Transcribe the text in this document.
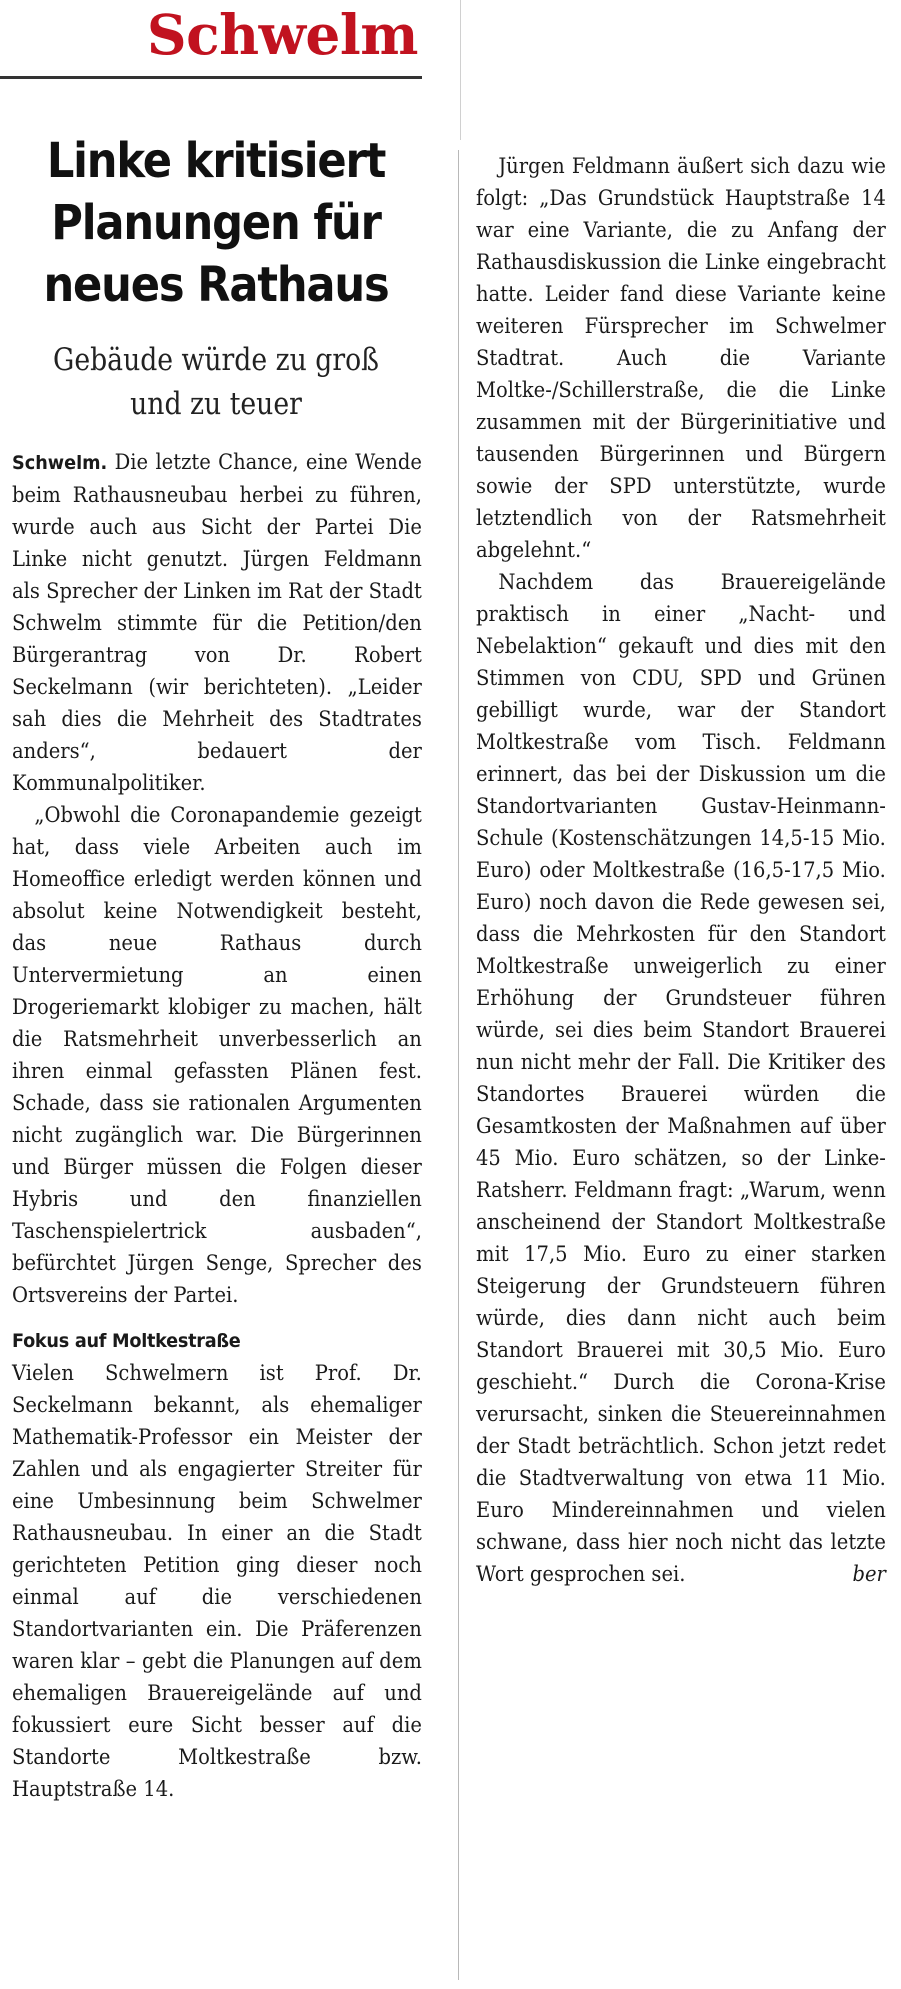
Schwelm
Linke kritisiert Planungen für neues Rathaus
Gebäude würde zu groß und zu teuer

Schwelm. Die letzte Chance, eine Wende beim Rathausneubau herbei zu führen, wurde auch aus Sicht der Partei Die Linke nicht genutzt. Jürgen Feldmann als Sprecher der Linken im Rat der Stadt Schwelm stimmte für die Petition/den Bürgerantrag von Dr. Robert Seckelmann (wir berichteten). „Leider sah dies die Mehrheit des Stadtrates anders“, bedauert der Kommunalpolitiker.

„Obwohl die Coronapandemie gezeigt hat, dass viele Arbeiten auch im Homeoffice erledigt werden können und absolut keine Notwendigkeit besteht, das neue Rathaus durch Untervermietung an einen Drogeriemarkt klobiger zu machen, hält die Ratsmehrheit unverbesserlich an ihren einmal gefassten Plänen fest. Schade, dass sie rationalen Argumenten nicht zugänglich war. Die Bürgerinnen und Bürger müssen die Folgen dieser Hybris und den finanziellen Taschenspielertrick ausbaden“, befürchtet Jürgen Senge, Sprecher des Ortsvereins der Partei.

Fokus auf Moltkestraße

Vielen Schwelmern ist Prof. Dr. Seckelmann bekannt, als ehemaliger Mathematik-Professor ein Meister der Zahlen und als engagierter Streiter für eine Umbesinnung beim Schwelmer Rathausneubau. In einer an die Stadt gerichteten Petition ging dieser noch einmal auf die verschiedenen Standortvarianten ein. Die Präferenzen waren klar – gebt die Planungen auf dem ehemaligen Brauereigelände auf und fokussiert eure Sicht besser auf die Standorte Moltkestraße bzw. Hauptstraße 14.

Jürgen Feldmann äußert sich dazu wie folgt: „Das Grundstück Hauptstraße 14 war eine Variante, die zu Anfang der Rathausdiskussion die Linke eingebracht hatte. Leider fand diese Variante keine weiteren Fürsprecher im Schwelmer Stadtrat. Auch die Variante Moltke-/Schillerstraße, die die Linke zusammen mit der Bürgerinitiative und tausenden Bürgerinnen und Bürgern sowie der SPD unterstützte, wurde letztendlich von der Ratsmehrheit abgelehnt.“

Nachdem das Brauereigelände praktisch in einer „Nacht- und Nebelaktion“ gekauft und dies mit den Stimmen von CDU, SPD und Grünen gebilligt wurde, war der Standort Moltkestraße vom Tisch. Feldmann erinnert, das bei der Diskussion um die Standortvarianten Gustav-Heinmann-Schule (Kostenschätzungen 14,5-15 Mio. Euro) oder Moltkestraße (16,5-17,5 Mio. Euro) noch davon die Rede gewesen sei, dass die Mehrkosten für den Standort Moltkestraße unweigerlich zu einer Erhöhung der Grundsteuer führen würde, sei dies beim Standort Brauerei nun nicht mehr der Fall. Die Kritiker des Standortes Brauerei würden die Gesamtkosten der Maßnahmen auf über 45 Mio. Euro schätzen, so der Linke-Ratsherr. Feldmann fragt: „Warum, wenn anscheinend der Standort Moltkestraße mit 17,5 Mio. Euro zu einer starken Steigerung der Grundsteuern führen würde, dies dann nicht auch beim Standort Brauerei mit 30,5 Mio. Euro geschieht.“ Durch die Corona-Krise verursacht, sinken die Steuereinnahmen der Stadt beträchtlich. Schon jetzt redet die Stadtverwaltung von etwa 11 Mio. Euro Mindereinnahmen und vielen schwane, dass hier noch nicht das letzte Wort gesprochen sei.	ber
